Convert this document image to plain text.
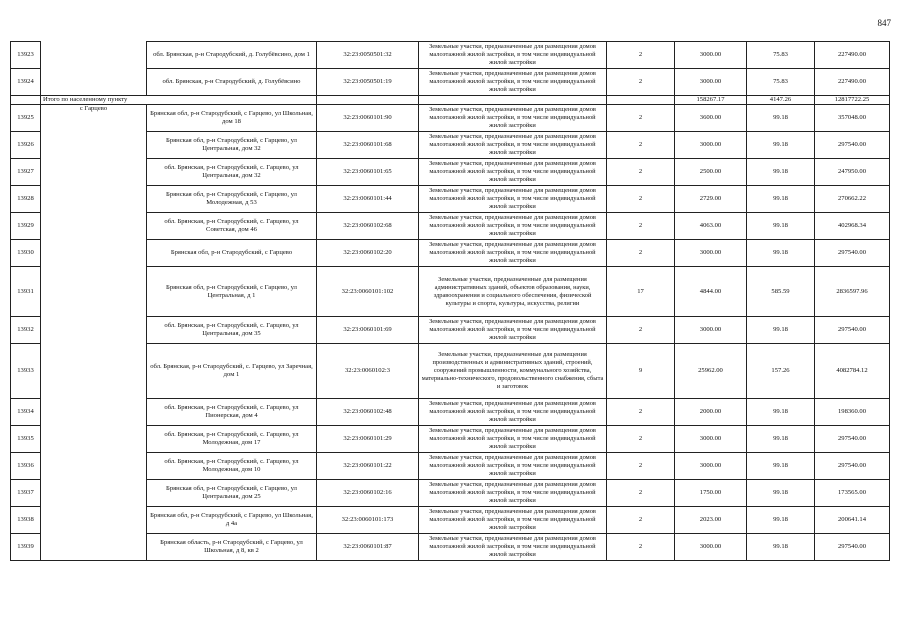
847
13923		обл. Брянская, р-н Стародубский, д. Голубёвсино, дом 1	32:23:0050501:32	Земельные участки, предназначенные для размещения домов малоэтажной жилой застройки, в том числе индивидуальной жилой застройки	2	3000.00	75.83	227490.00
13924		обл. Брянская, р-н Стародубский, д. Голубёвсино	32:23:0050501:19	Земельные участки, предназначенные для размещения домов малоэтажной жилой застройки, в том числе индивидуальной жилой застройки	2	3000.00	75.83	227490.00
	Итого по населенному пункту					158267.17	4147.26	12817722.25
13925	с Гарцево	Брянская обл, р-н Стародубский, с Гарцево, ул Школьная, дом 18	32:23:0060101:90	Земельные участки, предназначенные для размещения домов малоэтажной жилой застройки, в том числе индивидуальной жилой застройки	2	3600.00	99.18	357048.00
13926		Брянская обл, р-н Стародубский, с Гарцево, ул Центральная, дом 32	32:23:0060101:68	Земельные участки, предназначенные для размещения домов малоэтажной жилой застройки, в том числе индивидуальной жилой застройки	2	3000.00	99.18	297540.00
13927		обл. Брянская, р-н Стародубский, с. Гарцево, ул Центральная, дом 32	32:23:0060101:65	Земельные участки, предназначенные для размещения домов малоэтажной жилой застройки, в том числе индивидуальной жилой застройки	2	2500.00	99.18	247950.00
13928		Брянская обл, р-н Стародубский, с Гарцево, ул Молодежная, д 53	32:23:0060101:44	Земельные участки, предназначенные для размещения домов малоэтажной жилой застройки, в том числе индивидуальной жилой застройки	2	2729.00	99.18	270662.22
13929		обл. Брянская, р-н Стародубский, с. Гарцево, ул Советская, дом 46	32:23:0060102:68	Земельные участки, предназначенные для размещения домов малоэтажной жилой застройки, в том числе индивидуальной жилой застройки	2	4063.00	99.18	402968.34
13930		Брянская обл, р-н Стародубский, с Гарцево	32:23:0060102:20	Земельные участки, предназначенные для размещения домов малоэтажной жилой застройки, в том числе индивидуальной жилой застройки	2	3000.00	99.18	297540.00
13931		Брянская обл, р-н Стародубский, с Гарцево, ул Центральная, д 1	32:23:0060101:102	Земельные участки, предназначенные для размещения административных зданий, объектов образования, науки, здравоохранения и социального обеспечения, физической культуры и спорта, культуры, искусства, религии	17	4844.00	585.59	2836597.96
13932		обл. Брянская, р-н Стародубский, с. Гарцево, ул Центральная, дом 35	32:23:0060101:69	Земельные участки, предназначенные для размещения домов малоэтажной жилой застройки, в том числе индивидуальной жилой застройки	2	3000.00	99.18	297540.00
13933		обл. Брянская, р-н Стародубский, с. Гарцево, ул Заречная, дом 1	32:23:0060102:3	Земельные участки, предназначенные для размещения производственных и административных зданий, строений, сооружений промышленности, коммунального хозяйства, материально-технического, продовольственного снабжения, сбыта и заготовок	9	25962.00	157.26	4082784.12
13934		обл. Брянская, р-н Стародубский, с. Гарцево, ул Пионерская, дом 4	32:23:0060102:48	Земельные участки, предназначенные для размещения домов малоэтажной жилой застройки, в том числе индивидуальной жилой застройки	2	2000.00	99.18	198360.00
13935		обл. Брянская, р-н Стародубский, с. Гарцево, ул Молодежная, дом 17	32:23:0060101:29	Земельные участки, предназначенные для размещения домов малоэтажной жилой застройки, в том числе индивидуальной жилой застройки	2	3000.00	99.18	297540.00
13936		обл. Брянская, р-н Стародубский, с. Гарцево, ул Молодежная, дом 10	32:23:0060101:22	Земельные участки, предназначенные для размещения домов малоэтажной жилой застройки, в том числе индивидуальной жилой застройки	2	3000.00	99.18	297540.00
13937		Брянская обл, р-н Стародубский, с Гарцево, ул Центральная, дом 25	32:23:0060102:16	Земельные участки, предназначенные для размещения домов малоэтажной жилой застройки, в том числе индивидуальной жилой застройки	2	1750.00	99.18	173565.00
13938		Брянская обл, р-н Стародубский, с Гарцево, ул Школьная, д 4а	32:23:0060101:173	Земельные участки, предназначенные для размещения домов малоэтажной жилой застройки, в том числе индивидуальной жилой застройки	2	2023.00	99.18	200641.14
13939		Брянская область, р-н Стародубский, с Гарцево, ул Школьная, д 8, кв 2	32:23:0060101:87	Земельные участки, предназначенные для размещения домов малоэтажной жилой застройки, в том числе индивидуальной жилой застройки	2	3000.00	99.18	297540.00
